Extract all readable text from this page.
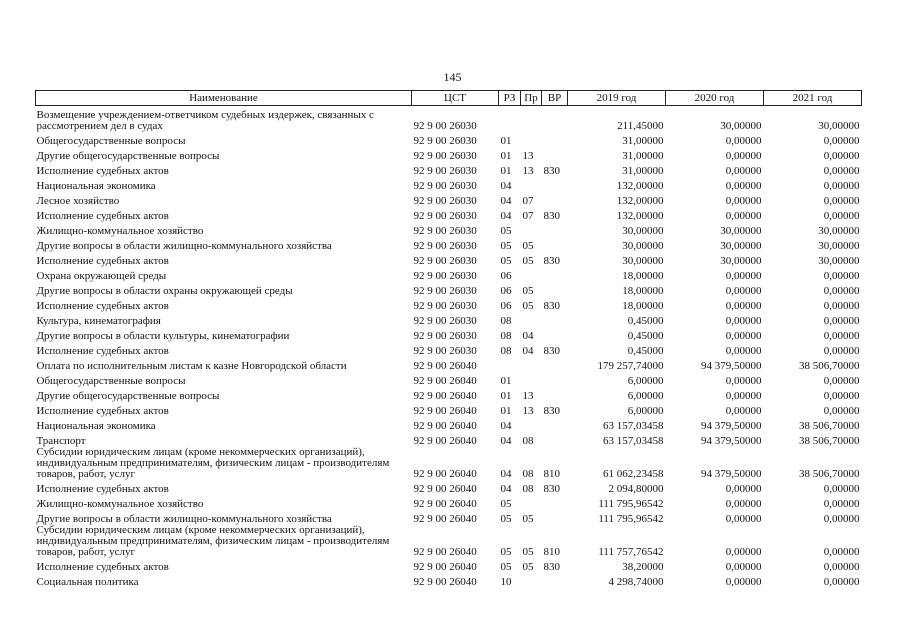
145
Наименование	ЦСТ	РЗ	Пр	ВР	2019 год	2020 год	2021 год
Возмещение учреждением-ответчиком судебных издержек, связанных с рассмотрением дел в судах	92 9 00 26030				211,45000	30,00000	30,00000
Общегосударственные вопросы	92 9 00 26030	01			31,00000	0,00000	0,00000
Другие общегосударственные вопросы	92 9 00 26030	01	13		31,00000	0,00000	0,00000
Исполнение судебных актов	92 9 00 26030	01	13	830	31,00000	0,00000	0,00000
Национальная экономика	92 9 00 26030	04			132,00000	0,00000	0,00000
Лесное хозяйство	92 9 00 26030	04	07		132,00000	0,00000	0,00000
Исполнение судебных актов	92 9 00 26030	04	07	830	132,00000	0,00000	0,00000
Жилищно-коммунальное хозяйство	92 9 00 26030	05			30,00000	30,00000	30,00000
Другие вопросы в области жилищно-коммунального хозяйства	92 9 00 26030	05	05		30,00000	30,00000	30,00000
Исполнение судебных актов	92 9 00 26030	05	05	830	30,00000	30,00000	30,00000
Охрана окружающей среды	92 9 00 26030	06			18,00000	0,00000	0,00000
Другие вопросы в области охраны окружающей среды	92 9 00 26030	06	05		18,00000	0,00000	0,00000
Исполнение судебных актов	92 9 00 26030	06	05	830	18,00000	0,00000	0,00000
Культура, кинематография	92 9 00 26030	08			0,45000	0,00000	0,00000
Другие вопросы в области культуры, кинематографии	92 9 00 26030	08	04		0,45000	0,00000	0,00000
Исполнение судебных актов	92 9 00 26030	08	04	830	0,45000	0,00000	0,00000
Оплата по исполнительным листам к казне Новгородской области	92 9 00 26040				179 257,74000	94 379,50000	38 506,70000
Общегосударственные вопросы	92 9 00 26040	01			6,00000	0,00000	0,00000
Другие общегосударственные вопросы	92 9 00 26040	01	13		6,00000	0,00000	0,00000
Исполнение судебных актов	92 9 00 26040	01	13	830	6,00000	0,00000	0,00000
Национальная экономика	92 9 00 26040	04			63 157,03458	94 379,50000	38 506,70000
Транспорт	92 9 00 26040	04	08		63 157,03458	94 379,50000	38 506,70000
Субсидии юридическим лицам (кроме некоммерческих организаций), индивидуальным предпринимателям, физическим лицам - производителям товаров, работ, услуг	92 9 00 26040	04	08	810	61 062,23458	94 379,50000	38 506,70000
Исполнение судебных актов	92 9 00 26040	04	08	830	2 094,80000	0,00000	0,00000
Жилищно-коммунальное хозяйство	92 9 00 26040	05			111 795,96542	0,00000	0,00000
Другие вопросы в области жилищно-коммунального хозяйства	92 9 00 26040	05	05		111 795,96542	0,00000	0,00000
Субсидии юридическим лицам (кроме некоммерческих организаций), индивидуальным предпринимателям, физическим лицам - производителям товаров, работ, услуг	92 9 00 26040	05	05	810	111 757,76542	0,00000	0,00000
Исполнение судебных актов	92 9 00 26040	05	05	830	38,20000	0,00000	0,00000
Социальная политика	92 9 00 26040	10			4 298,74000	0,00000	0,00000
